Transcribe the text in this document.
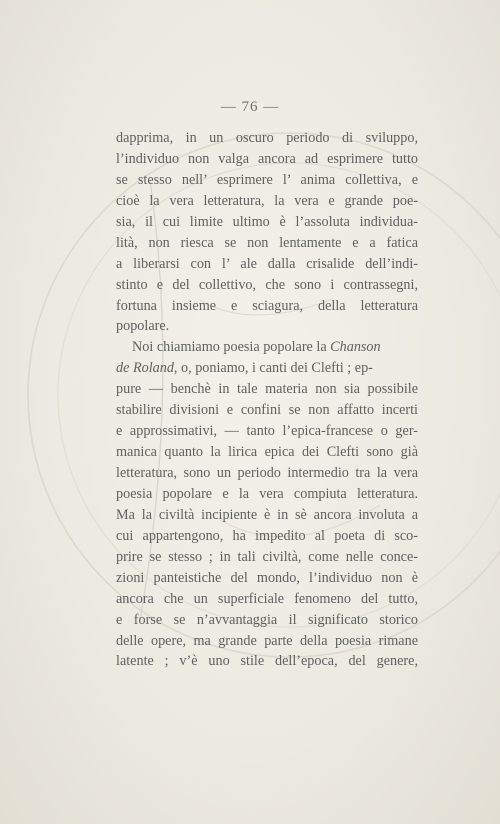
— 76 —
dapprima, in un oscuro periodo di sviluppo,
l’individuo non valga ancora ad esprimere tutto
se stesso nell’ esprimere l’ anima collettiva, e
cioè la vera letteratura, la vera e grande poe-
sia, il cui limite ultimo è l’assoluta individua-
lità, non riesca se non lentamente e a fatica
a liberarsi con l’ ale dalla crisalide dell’indi-
stinto e del collettivo, che sono i contrassegni,
fortuna insieme e sciagura, della letteratura
popolare.
Noi chiamiamo poesia popolare la Chanson
de Roland, o, poniamo, i canti dei Clefti ; ep-
pure — benchè in tale materia non sia possibile
stabilire divisioni e confini se non affatto incerti
e approssimativi, — tanto l’epica-francese o ger-
manica quanto la lirica epica dei Clefti sono già
letteratura, sono un periodo intermedio tra la vera
poesia popolare e la vera compiuta letteratura.
Ma la civiltà incipiente è in sè ancora involuta a
cui appartengono, ha impedito al poeta di sco-
prire se stesso ; in tali civiltà, come nelle conce-
zioni panteistiche del mondo, l’individuo non è
ancora che un superficiale fenomeno del tutto,
e forse se n’avvantaggia il significato storico
delle opere, ma grande parte della poesia rimane
latente ; v’è uno stile dell’epoca, del genere,
